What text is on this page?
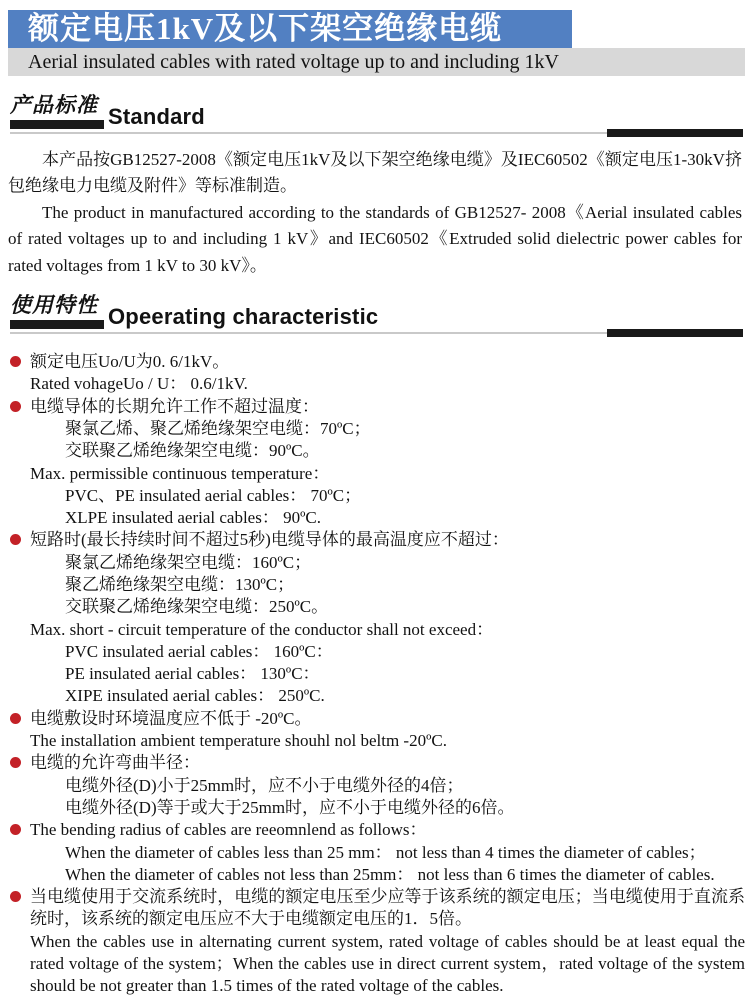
额定电压1kV及以下架空绝缘电缆
Aerial insulated cables with rated voltage up to and including 1kV
产品标准 Standard

本产品按GB12527-2008《额定电压1kV及以下架空绝缘电缆》及IEC60502《额定电压1-30kV挤包绝缘电力电缆及附件》等标准制造。

The product in manufactured according to the standards of GB12527- 2008《Aerial insulated cables of rated voltages up to and including 1 kV》and IEC60502《Extruded solid dielectric power cables for rated voltages from 1 kV to 30 kV》。

使用特性 Opeerating characteristic
额定电压Uo/U为0. 6/1kV。
Rated vohageUo / U： 0.6/1kV.
电缆导体的长期允许工作不超过温度：
聚氯乙烯、聚乙烯绝缘架空电缆：70ºC；
交联聚乙烯绝缘架空电缆：90ºC。
Max. permissible continuous temperature：
PVC、PE insulated aerial cables： 70ºC；
XLPE insulated aerial cables： 90ºC.
短路时(最长持续时间不超过5秒)电缆导体的最高温度应不超过：
聚氯乙烯绝缘架空电缆：160ºC；
聚乙烯绝缘架空电缆：130ºC；
交联聚乙烯绝缘架空电缆：250ºC。
Max. short - circuit temperature of the conductor shall not exceed：
PVC insulated aerial cables： 160ºC：
PE insulated aerial cables： 130ºC：
XIPE insulated aerial cables： 250ºC.
电缆敷设时环境温度应不低于 -20ºC。
The installation ambient temperature shouhl nol beltm -20ºC.
电缆的允许弯曲半径：
电缆外径(D)小于25mm时，应不小于电缆外径的4倍；
电缆外径(D)等于或大于25mm时，应不小于电缆外径的6倍。
The bending radius of cables are reeomnlend as follows：
When the diameter of cables less than 25 mm： not less than 4 times the diameter of cables；
When the diameter of cables not less than 25mm： not less than 6 times the diameter of cables.
当电缆使用于交流系统时，电缆的额定电压至少应等于该系统的额定电压；当电缆使用于直流系统时，该系统的额定电压应不大于电缆额定电压的1．5倍。
When the cables use in alternating current system, rated voltage of cables should be at least equal the rated voltage of the system；When the cables use in direct current system，rated voltage of the system should be not greater than 1.5 times of the rated voltage of the cables.
